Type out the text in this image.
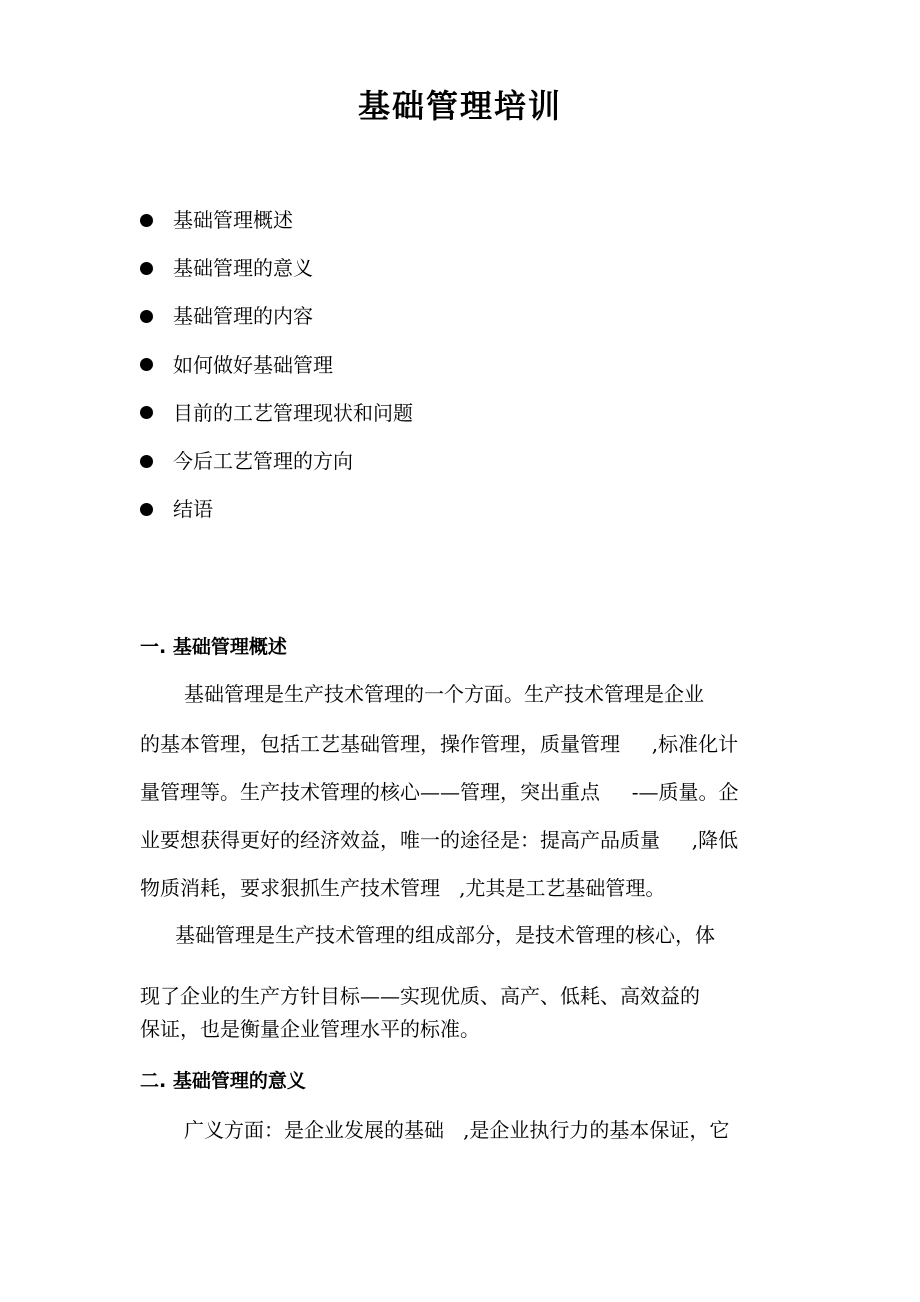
基础管理培训
基础管理概述
基础管理的意义
基础管理的内容
如何做好基础管理
目前的工艺管理现状和问题
今后工艺管理的方向
结语
一. 基础管理概述
基础管理是生产技术管理的一个方面。生产技术管理是企业
的基本管理，包括工艺基础管理，操作管理，质量管理     ,标准化计
量管理等。生产技术管理的核心——管理，突出重点     -—质量。企
业要想获得更好的经济效益，唯一的途径是：提高产品质量     ,降低
物质消耗，要求狠抓生产技术管理   ,尤其是工艺基础管理。
基础管理是生产技术管理的组成部分，是技术管理的核心，体
现了企业的生产方针目标——实现优质、高产、低耗、高效益的
保证，也是衡量企业管理水平的标准。
二. 基础管理的意义
广义方面：是企业发展的基础   ,是企业执行力的基本保证，它
